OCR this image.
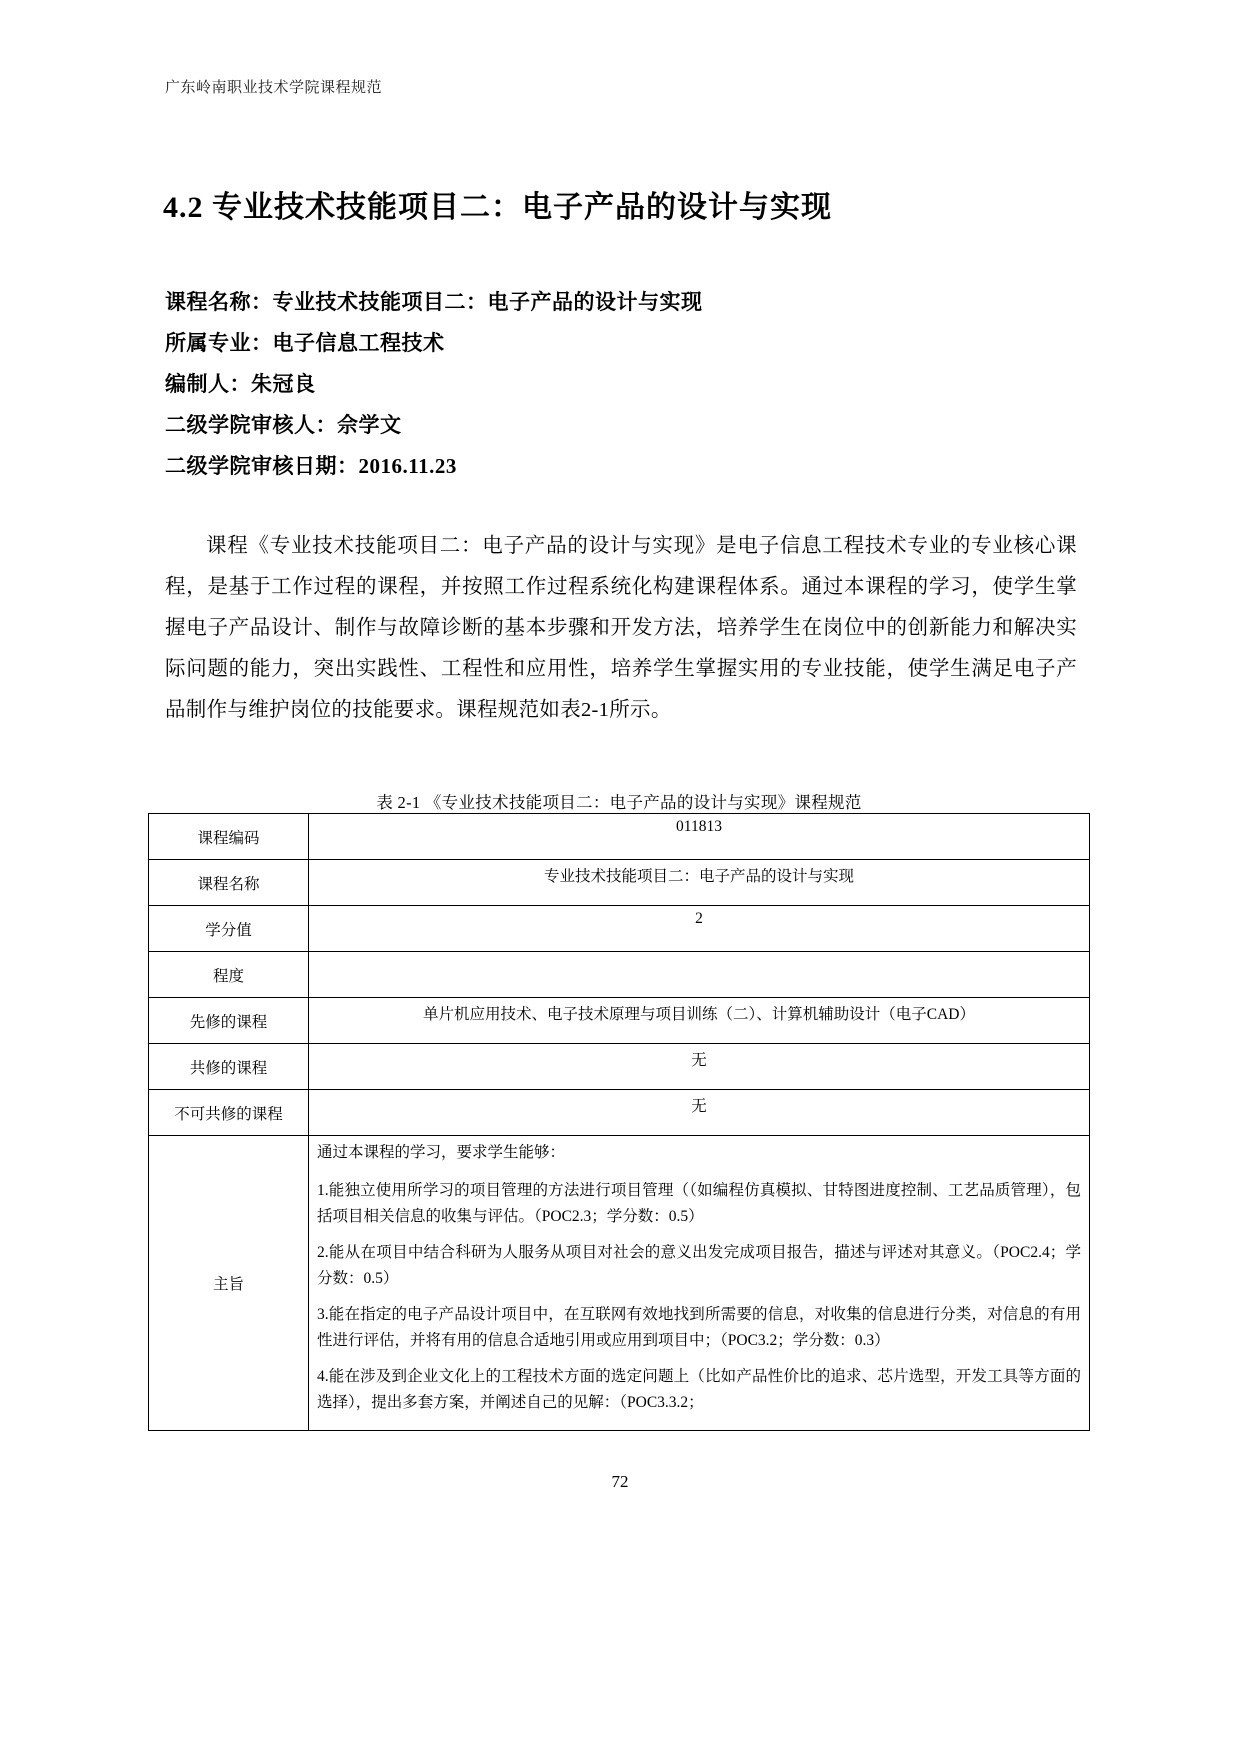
广东岭南职业技术学院课程规范
4.2 专业技术技能项目二：电子产品的设计与实现

课程名称：专业技术技能项目二：电子产品的设计与实现

所属专业：电子信息工程技术

编制人：朱冠良

二级学院审核人：佘学文

二级学院审核日期：2016.11.23

课程《专业技术技能项目二：电子产品的设计与实现》是电子信息工程技术专业的专业核心课程，是基于工作过程的课程，并按照工作过程系统化构建课程体系。通过本课程的学习，使学生掌握电子产品设计、制作与故障诊断的基本步骤和开发方法，培养学生在岗位中的创新能力和解决实际问题的能力，突出实践性、工程性和应用性，培养学生掌握实用的专业技能，使学生满足电子产品制作与维护岗位的技能要求。课程规范如表2-1所示。

表 2-1 《专业技术技能项目二：电子产品的设计与实现》课程规范
课程编码	011813
课程名称	专业技术技能项目二：电子产品的设计与实现
学分值	2
程度	
先修的课程	单片机应用技术、电子技术原理与项目训练（二）、计算机辅助设计（电子CAD）
共修的课程	无
不可共修的课程	无
主旨	通过本课程的学习，要求学生能够：

1.能独立使用所学习的项目管理的方法进行项目管理（（如编程仿真模拟、甘特图进度控制、工艺品质管理），包括项目相关信息的收集与评估。（POC2.3；学分数：0.5）

2.能从在项目中结合科研为人服务从项目对社会的意义出发完成项目报告，描述与评述对其意义。（POC2.4；学分数：0.5）

3.能在指定的电子产品设计项目中，在互联网有效地找到所需要的信息，对收集的信息进行分类，对信息的有用性进行评估，并将有用的信息合适地引用或应用到项目中；（POC3.2；学分数：0.3）

4.能在涉及到企业文化上的工程技术方面的选定问题上（比如产品性价比的追求、芯片选型，开发工具等方面的选择），提出多套方案，并阐述自己的见解：（POC3.3.2；

72
